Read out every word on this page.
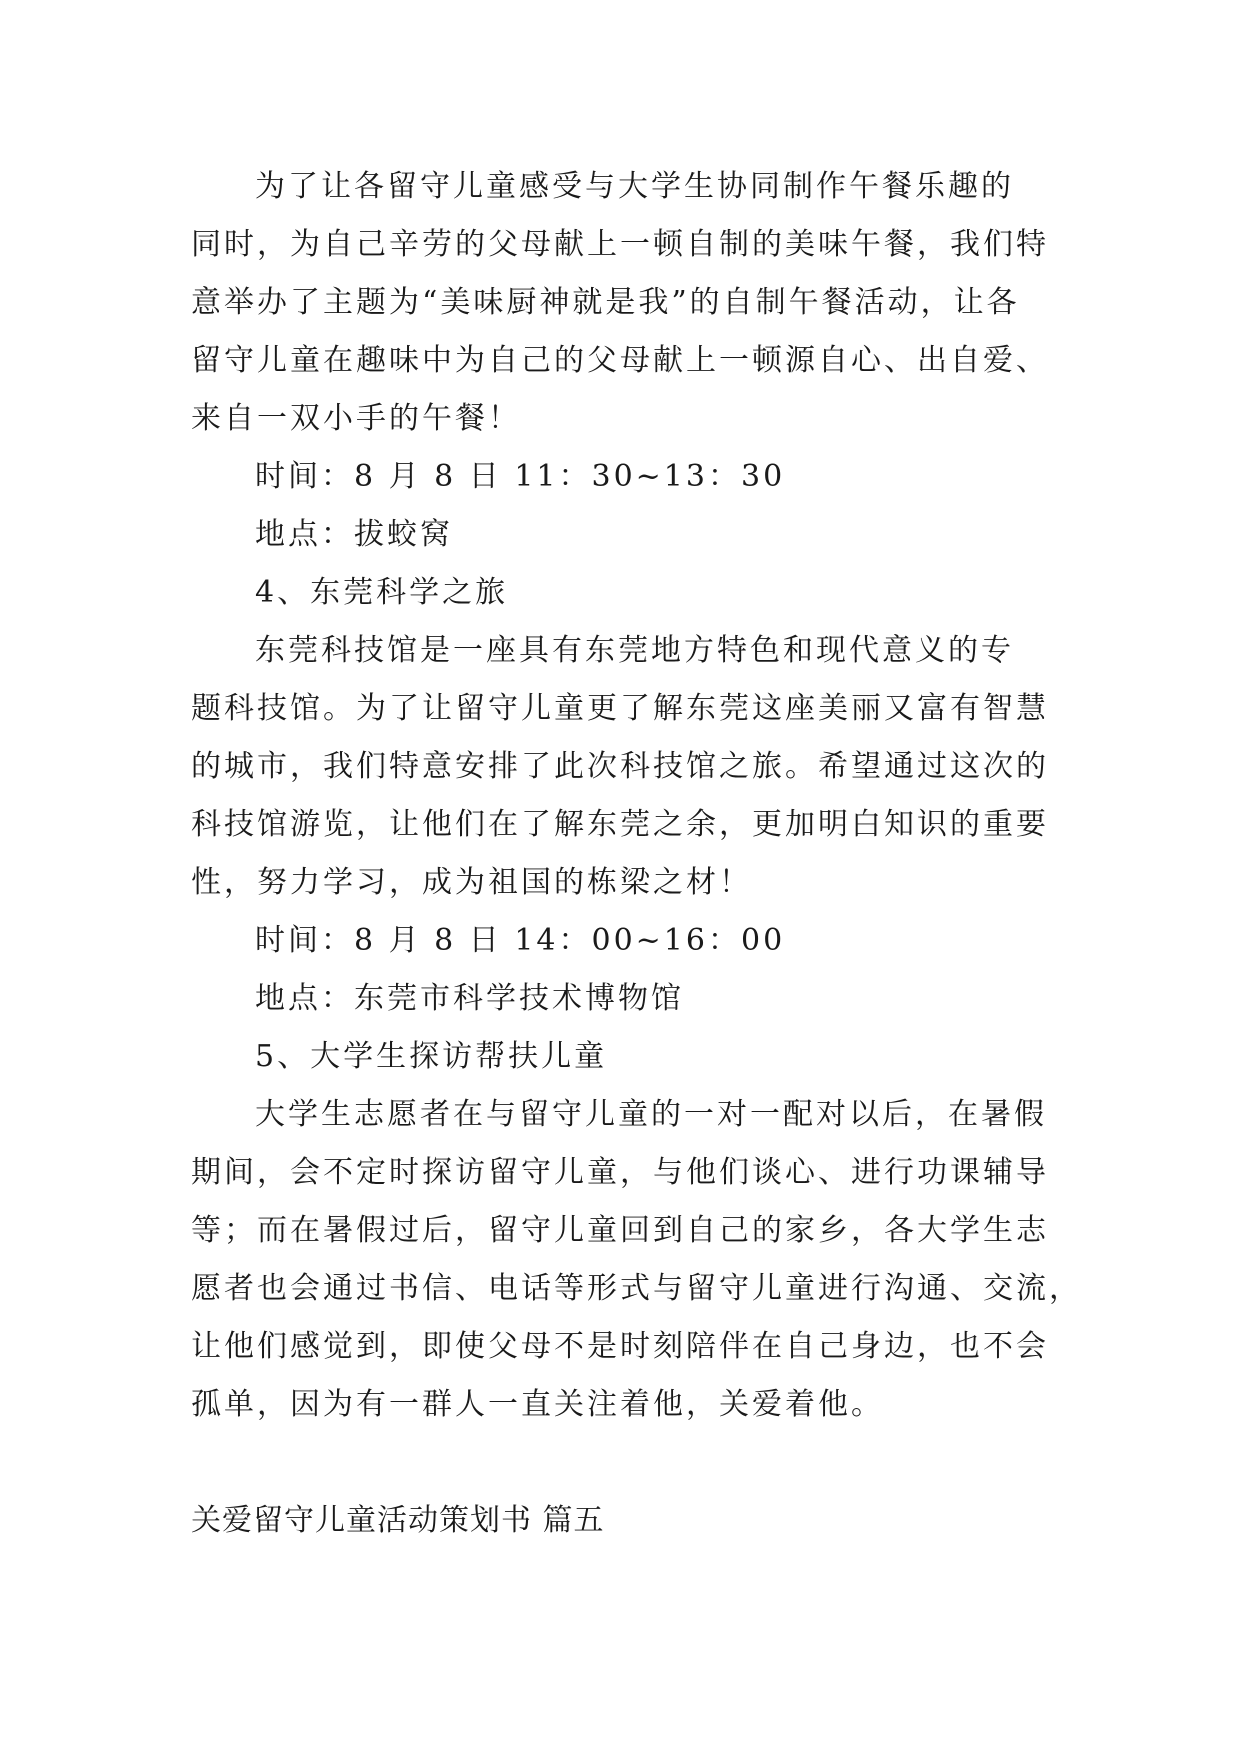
为了让各留守儿童感受与大学生协同制作午餐乐趣的
同时，为自己辛劳的父母献上一顿自制的美味午餐，我们特
意举办了主题为“美味厨神就是我”的自制午餐活动，让各
留守儿童在趣味中为自己的父母献上一顿源自心、出自爱、
来自一双小手的午餐！
时间：8 月 8 日 11：30~13：30
地点：拔蛟窝
4、东莞科学之旅
东莞科技馆是一座具有东莞地方特色和现代意义的专
题科技馆。为了让留守儿童更了解东莞这座美丽又富有智慧
的城市，我们特意安排了此次科技馆之旅。希望通过这次的
科技馆游览，让他们在了解东莞之余，更加明白知识的重要
性，努力学习，成为祖国的栋梁之材！
时间：8 月 8 日 14：00~16：00
地点：东莞市科学技术博物馆
5、大学生探访帮扶儿童
大学生志愿者在与留守儿童的一对一配对以后，在暑假
期间，会不定时探访留守儿童，与他们谈心、进行功课辅导
等；而在暑假过后，留守儿童回到自己的家乡，各大学生志
愿者也会通过书信、电话等形式与留守儿童进行沟通、交流，
让他们感觉到，即使父母不是时刻陪伴在自己身边，也不会
孤单，因为有一群人一直关注着他，关爱着他。
关爱留守儿童活动策划书 篇五
